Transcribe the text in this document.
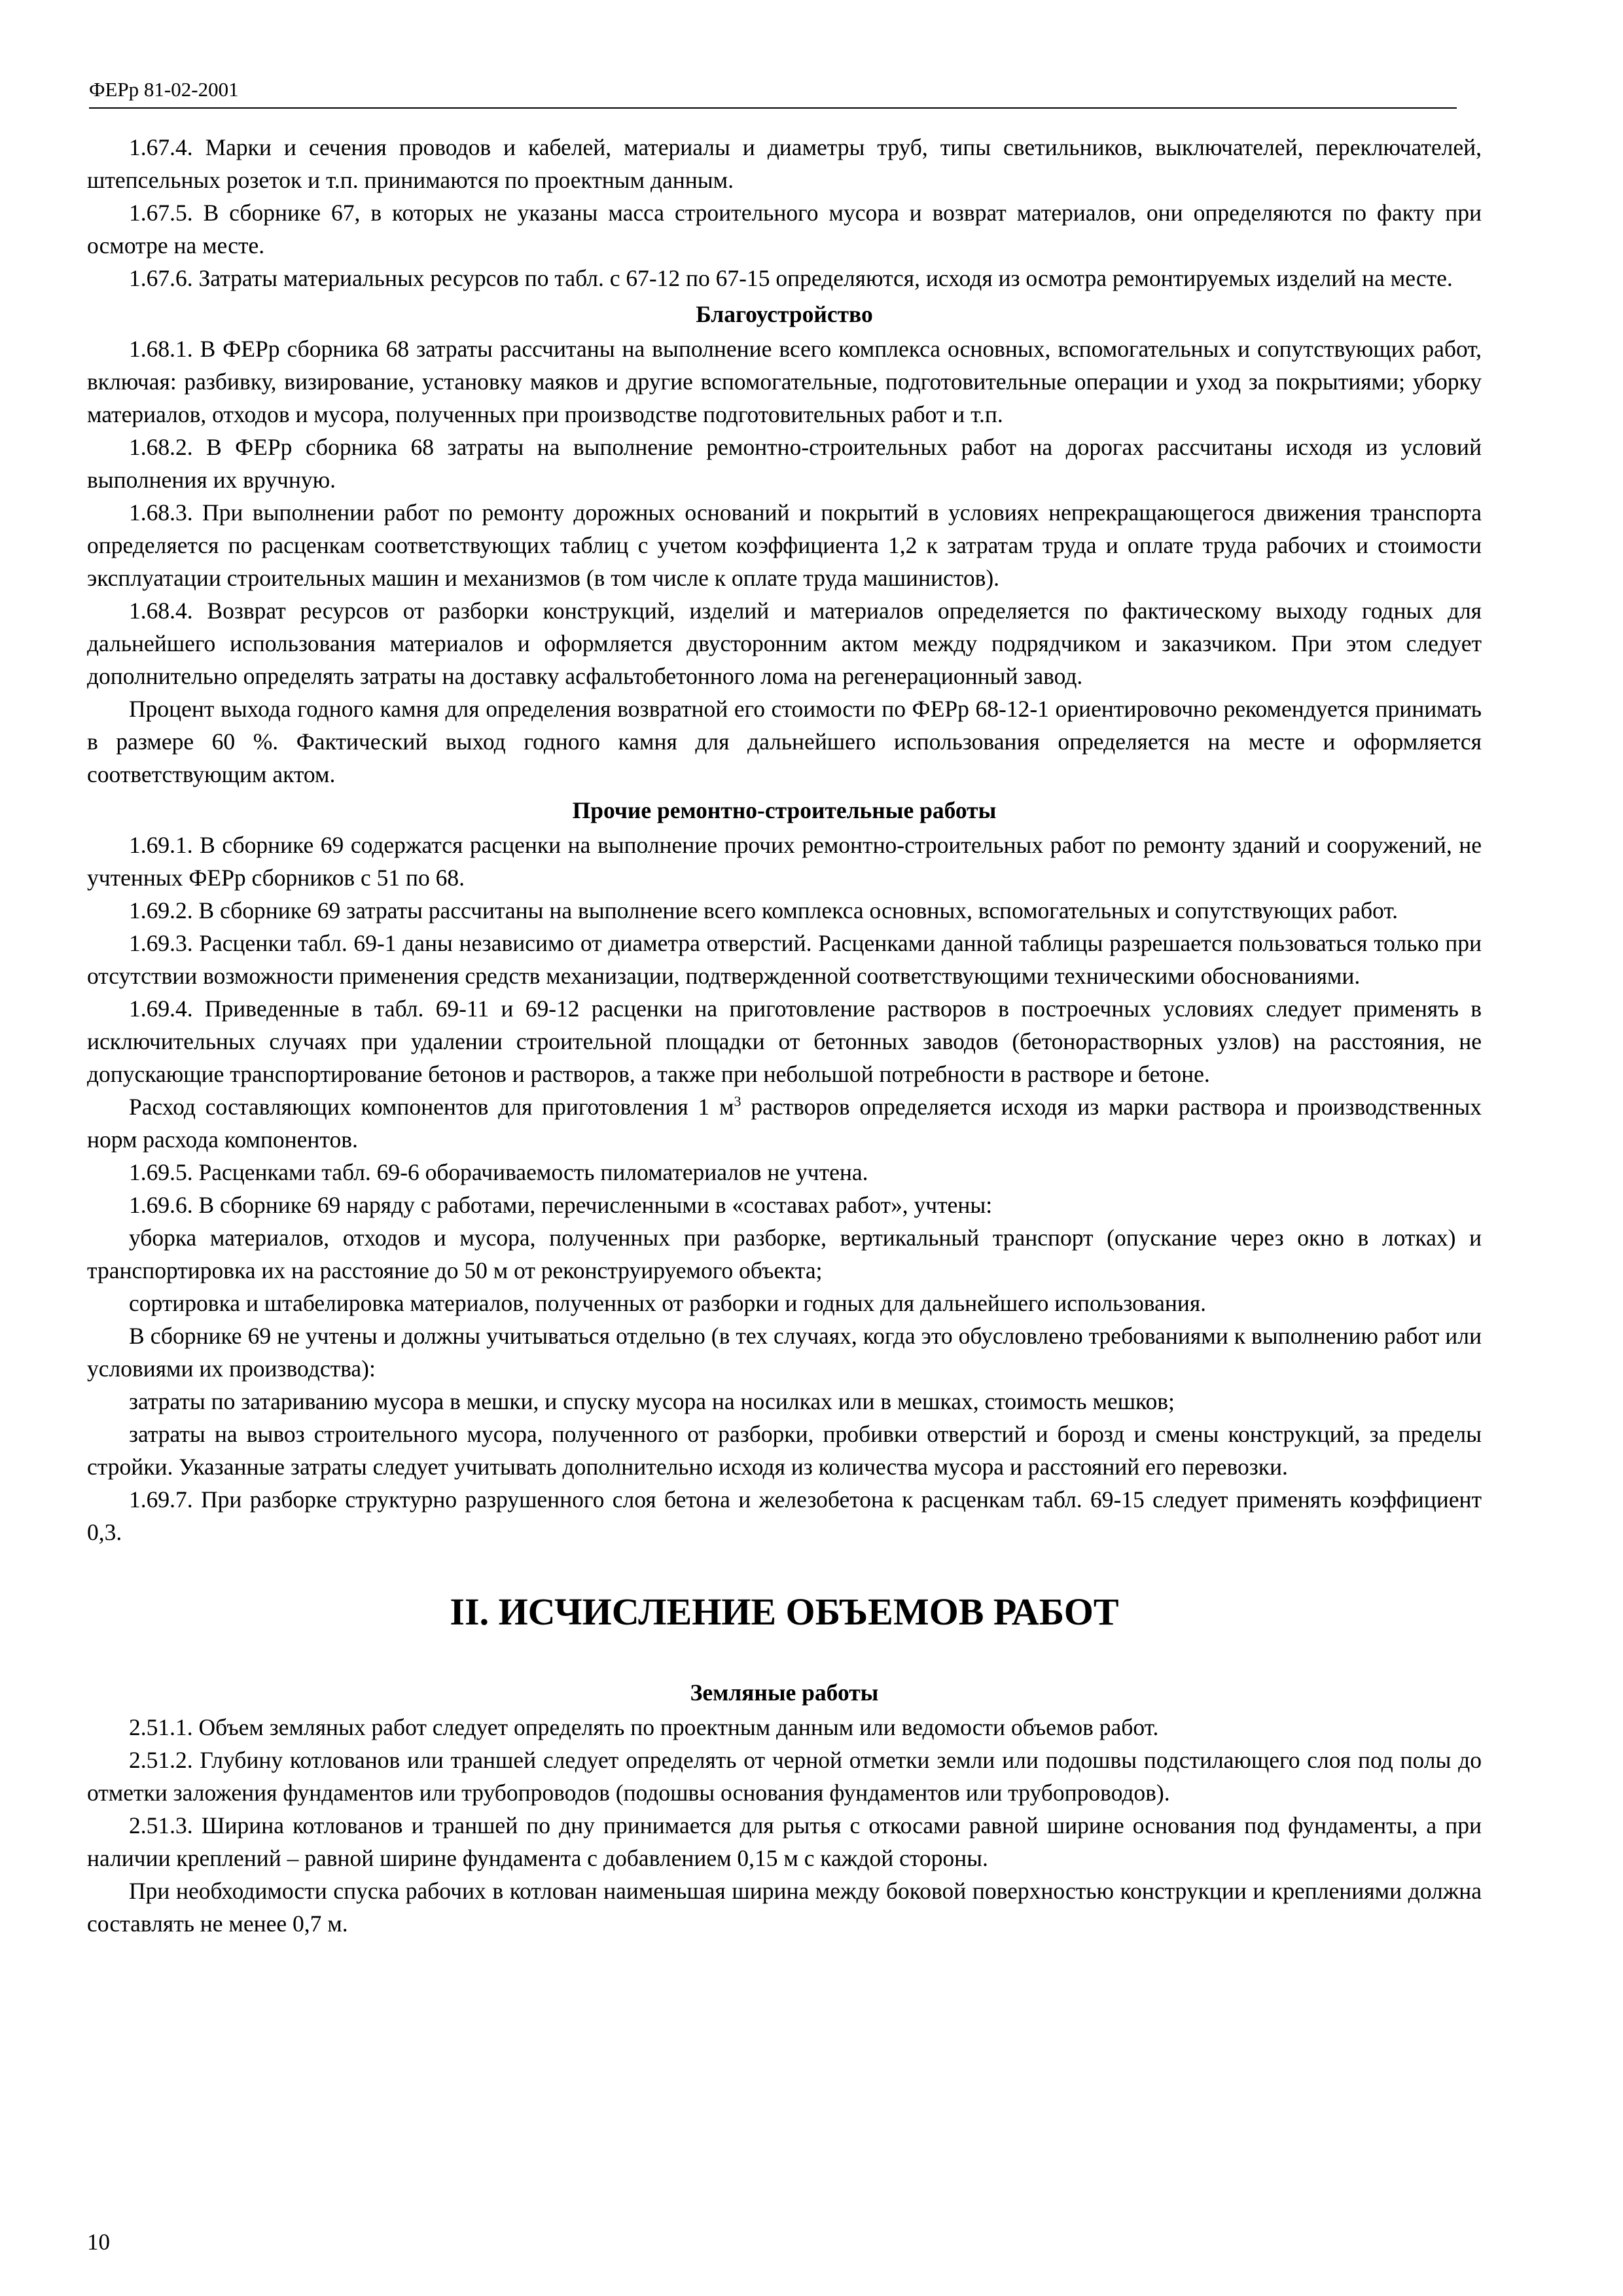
ФЕРр 81-02-2001

1.67.4. Марки и сечения проводов и кабелей, материалы и диаметры труб, типы светильников, выключателей, переключателей, штепсельных розеток и т.п. принимаются по проектным данным.

1.67.5. В сборнике 67, в которых не указаны масса строительного мусора и возврат материалов, они определяются по факту при осмотре на месте.

1.67.6. Затраты материальных ресурсов по табл. с 67-12 по 67-15 определяются, исходя из осмотра ремонтируемых изделий на месте.

Благоустройство

1.68.1. В ФЕРр сборника 68 затраты рассчитаны на выполнение всего комплекса основных, вспомогательных и сопутствующих работ, включая: разбивку, визирование, установку маяков и другие вспомогательные, подготовительные операции и уход за покрытиями; уборку материалов, отходов и мусора, полученных при производстве подготовительных работ и т.п.

1.68.2. В ФЕРр сборника 68 затраты на выполнение ремонтно-строительных работ на дорогах рассчитаны исходя из условий выполнения их вручную.

1.68.3. При выполнении работ по ремонту дорожных оснований и покрытий в условиях непрекращающегося движения транспорта определяется по расценкам соответствующих таблиц с учетом коэффициента 1,2 к затратам труда и оплате труда рабочих и стоимости эксплуатации строительных машин и механизмов (в том числе к оплате труда машинистов).

1.68.4. Возврат ресурсов от разборки конструкций, изделий и материалов определяется по фактическому выходу годных для дальнейшего использования материалов и оформляется двусторонним актом между подрядчиком и заказчиком. При этом следует дополнительно определять затраты на доставку асфальтобетонного лома на регенерационный завод.

Процент выхода годного камня для определения возвратной его стоимости по ФЕРр 68-12-1 ориентировочно рекомендуется принимать в размере 60 %. Фактический выход годного камня для дальнейшего использования определяется на месте и оформляется соответствующим актом.

Прочие ремонтно-строительные работы

1.69.1. В сборнике 69 содержатся расценки на выполнение прочих ремонтно-строительных работ по ремонту зданий и сооружений, не учтенных ФЕРр сборников с 51 по 68.

1.69.2. В сборнике 69 затраты рассчитаны на выполнение всего комплекса основных, вспомогательных и сопутствующих работ.

1.69.3. Расценки табл. 69-1 даны независимо от диаметра отверстий. Расценками данной таблицы разрешается пользоваться только при отсутствии возможности применения средств механизации, подтвержденной соответствующими техническими обоснованиями.

1.69.4. Приведенные в табл. 69-11 и 69-12 расценки на приготовление растворов в построечных условиях следует применять в исключительных случаях при удалении строительной площадки от бетонных заводов (бетонорастворных узлов) на расстояния, не допускающие транспортирование бетонов и растворов, а также при небольшой потребности в растворе и бетоне.

Расход составляющих компонентов для приготовления 1 $м^3$ растворов определяется исходя из марки раствора и производственных норм расхода компонентов.

1.69.5. Расценками табл. 69-6 оборачиваемость пиломатериалов не учтена.

1.69.6. В сборнике 69 наряду с работами, перечисленными в «составах работ», учтены:

уборка материалов, отходов и мусора, полученных при разборке, вертикальный транспорт (опускание через окно в лотках) и транспортировка их на расстояние до 50 м от реконструируемого объекта;

сортировка и штабелировка материалов, полученных от разборки и годных для дальнейшего использования.

В сборнике 69 не учтены и должны учитываться отдельно (в тех случаях, когда это обусловлено требованиями к выполнению работ или условиями их производства):

затраты по затариванию мусора в мешки, и спуску мусора на носилках или в мешках, стоимость мешков;

затраты на вывоз строительного мусора, полученного от разборки, пробивки отверстий и борозд и смены конструкций, за пределы стройки. Указанные затраты следует учитывать дополнительно исходя из количества мусора и расстояний его перевозки.

1.69.7. При разборке структурно разрушенного слоя бетона и железобетона к расценкам табл. 69-15 следует применять коэффициент 0,3.

II. ИСЧИСЛЕНИЕ ОБЪЕМОВ РАБОТ
Земляные работы

2.51.1. Объем земляных работ следует определять по проектным данным или ведомости объемов работ.

2.51.2. Глубину котлованов или траншей следует определять от черной отметки земли или подошвы подстилающего слоя под полы до отметки заложения фундаментов или трубопроводов (подошвы основания фундаментов или трубопроводов).

2.51.3. Ширина котлованов и траншей по дну принимается для рытья с откосами равной ширине основания под фундаменты, а при наличии креплений – равной ширине фундамента с добавлением 0,15 м с каждой стороны.

При необходимости спуска рабочих в котлован наименьшая ширина между боковой поверхностью конструкции и креплениями должна составлять не менее 0,7 м.

10
